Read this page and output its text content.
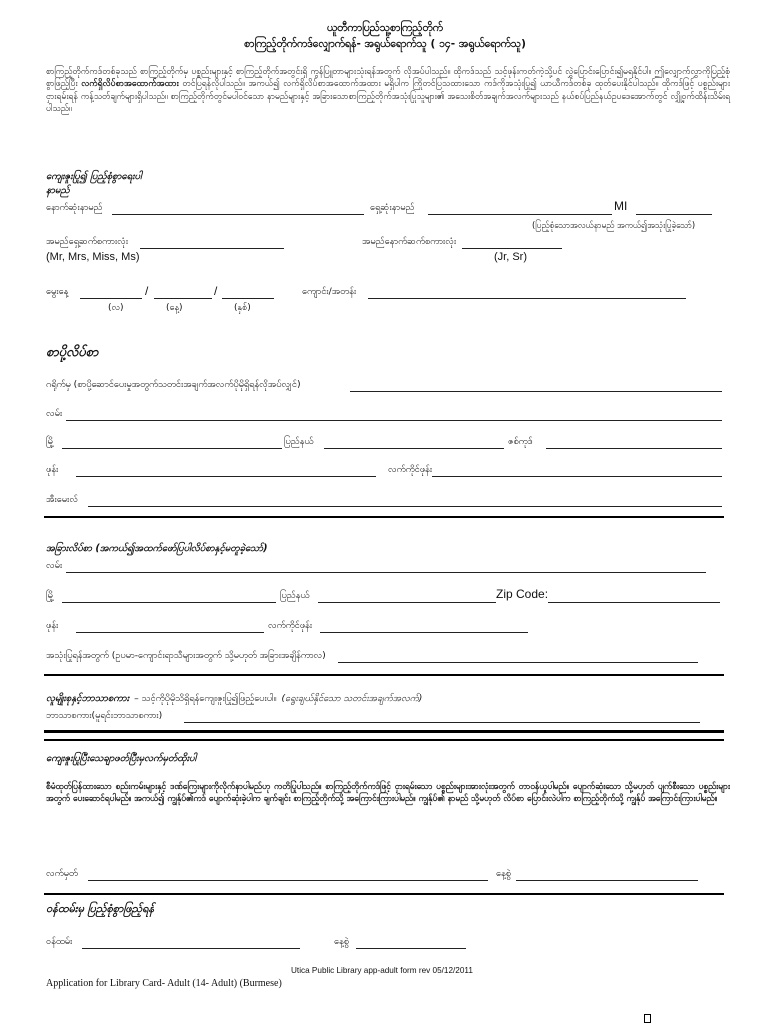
ယူတီကာပြည်သူ့စာကြည့်တိုက်
စာကြည့်တိုက်ကဒ်လျှောက်ရန်- အရွယ်ရောက်သူ ( ၁၄- အရွယ်ရောက်သူ)
စာကြည့်တိုက်ကဒ်တစ်ခုသည် စာကြည့်တိုက်မှ ပစ္စည်းများနှင့် စာကြည့်တိုက်အတွင်းရှိ ကွန်ပြူတာများသုံးရန်အတွက် လိုအပ်ပါသည်။ ထိုကဒ်သည် သင့်ဖုန်းကတ်ကဲ့သို့ပင် လွှဲပြောင်းပြောင်း၍မရနိုင်ပါ။ ဤလျှောက်လွှာကိုပြည့်စုံစွာဖြည့်ပြီး လက်ရှိလိပ်စာအထောက်အထား တင်ပြရန်လိုပါသည်။ အကယ်၍ လက်ရှိလိပ်စာအထောက်အထား မရှိပါက ကြိုတင်ပြသထားသော ကဒ်ကိုအသုံးပြု၍ ယာယီကဒ်တစ်ခု ထုတ်ပေးနိုင်ပါသည်။ ထိုကဒ်ဖြင့် ပစ္စည်းများ ငှားရမ်းရန် ကန့်သတ်ချက်များရှိပါသည်။ စာကြည့်တိုက်တွင်မပါဝင်သော နာမည်များနှင့် အခြားသောစာကြည့်တိုက်အသုံးပြုသူများ၏ အသေးစိတ်အချက်အလက်များသည် နယ်စပ်ပြည်နယ်ဥပဒေအောက်တွင် လျှို့ဝှက်ထိန်းသိမ်းရပါသည်။
ကျေးဇူးပြု၍ ပြည့်စုံစွာရေးပါ
နာမည်
နောက်ဆုံးနာမည်	ရှေ့ဆုံးနာမည်	MI
(ပြည့်စုံသောအလယ်နာမည် အကယ်၍အသုံးပြုခဲ့သော်)
အမည်ရှေ့ဆက်စကားလုံး
(Mr, Mrs, Miss, Ms)
အမည်နောက်ဆက်စကားလုံး
(Jr, Sr)
မွေးနေ့	/	/
(လ)	(နေ့)	(နှစ်)
ကျောင်း/အတန်း
စာပို့လိပ်စာ
ဂရိုက်မှ (စာပို့ဆောင်ပေးမှုအတွက်သတင်းအချက်အလက်ပိုမိုရှိရန်လိုအပ်လျှင်)
လမ်း
မြို့	ပြည်နယ်	ဇစ်ကုဒ်
ဖုန်း	လက်ကိုင်ဖုန်း
အီးမေးလ်
အခြားလိပ်စာ (အကယ်၍အထက်ဖော်ပြပါလိပ်စာနှင့်မတူခဲ့သော်)
လမ်း
မြို့	ပြည်နယ်	Zip Code:
ဖုန်း	လက်ကိုင်ဖုန်း
အသုံးပြုရန်အတွက် (ဥပမာ-ကျောင်းရာသီများအတွက် သို့မဟုတ် အခြားအချိန်ကာလ)
လူမျိုးစုနှင့်ဘာသာစကား – သင့်ကိုပိုမိုသိရှိရန်ကျေးဇူးပြု၍ဖြည့်ပေးပါ။ (ရွေးချယ်နိုင်သော သတင်းအချက်အလက်)
ဘာသာစကား(မူရင်းဘာသာစကား)
ကျေးဇူးပြုပြီးသေချာဖတ်ပြီးမှလက်မှတ်ထိုးပါ
စီမံထုတ်ပြန်ထားသော စည်းကမ်းများနှင့် ဒဏ်ကြေးများကိုလိုက်နာပါမည်ဟု ကတိပြုပါသည်။ စာကြည့်တိုက်ကဒ်ဖြင့် ငှားရမ်းသော ပစ္စည်းများအားလုံးအတွက် တာဝန်ယူပါမည်။ ပျောက်ဆုံးသော သို့မဟုတ် ပျက်စီးသော ပစ္စည်းများအတွက် ပေးဆောင်ရပါမည်။ အကယ်၍ ကျွန်ုပ်၏ကဒ် ပျောက်ဆုံးခဲ့ပါက ချက်ချင်း စာကြည့်တိုက်သို့ အကြောင်းကြားပါမည်။ ကျွန်ုပ်၏ နာမည် သို့မဟုတ် လိပ်စာ ပြောင်းလဲပါက စာကြည့်တိုက်သို့ ကျွန်ုပ် အကြောင်းကြားပါမည်။
လက်မှတ်	နေ့စွဲ
ဝန်ထမ်းမှ ပြည့်စုံစွာဖြည့်ရန်
ဝန်ထမ်း	နေ့စွဲ
Utica Public Library app-adult form rev 05/12/2011
Application for Library Card- Adult (14- Adult) (Burmese)
